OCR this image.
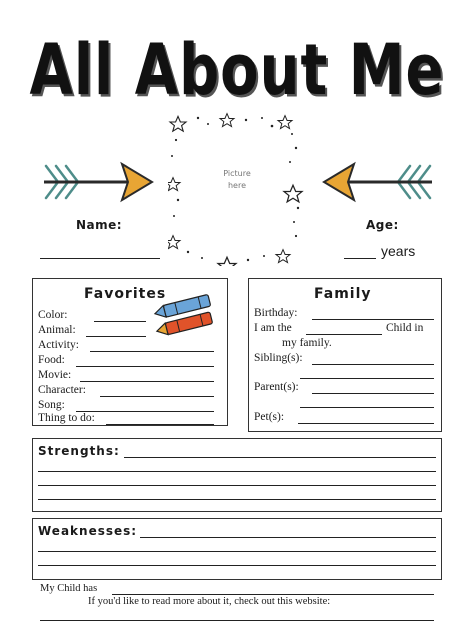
All About Me
Picture
here
Name:	Age:
years
Favorites
Color:
Animal:
Activity:
Food:
Movie:
Character:
Song:
Thing to do:
Family
Birthday:
I am the	Child in
my family.
Sibling(s):
Parent(s):
Pet(s):
Strengths:
Weaknesses:
My Child has
If you'd like to read more about it, check out this website:
